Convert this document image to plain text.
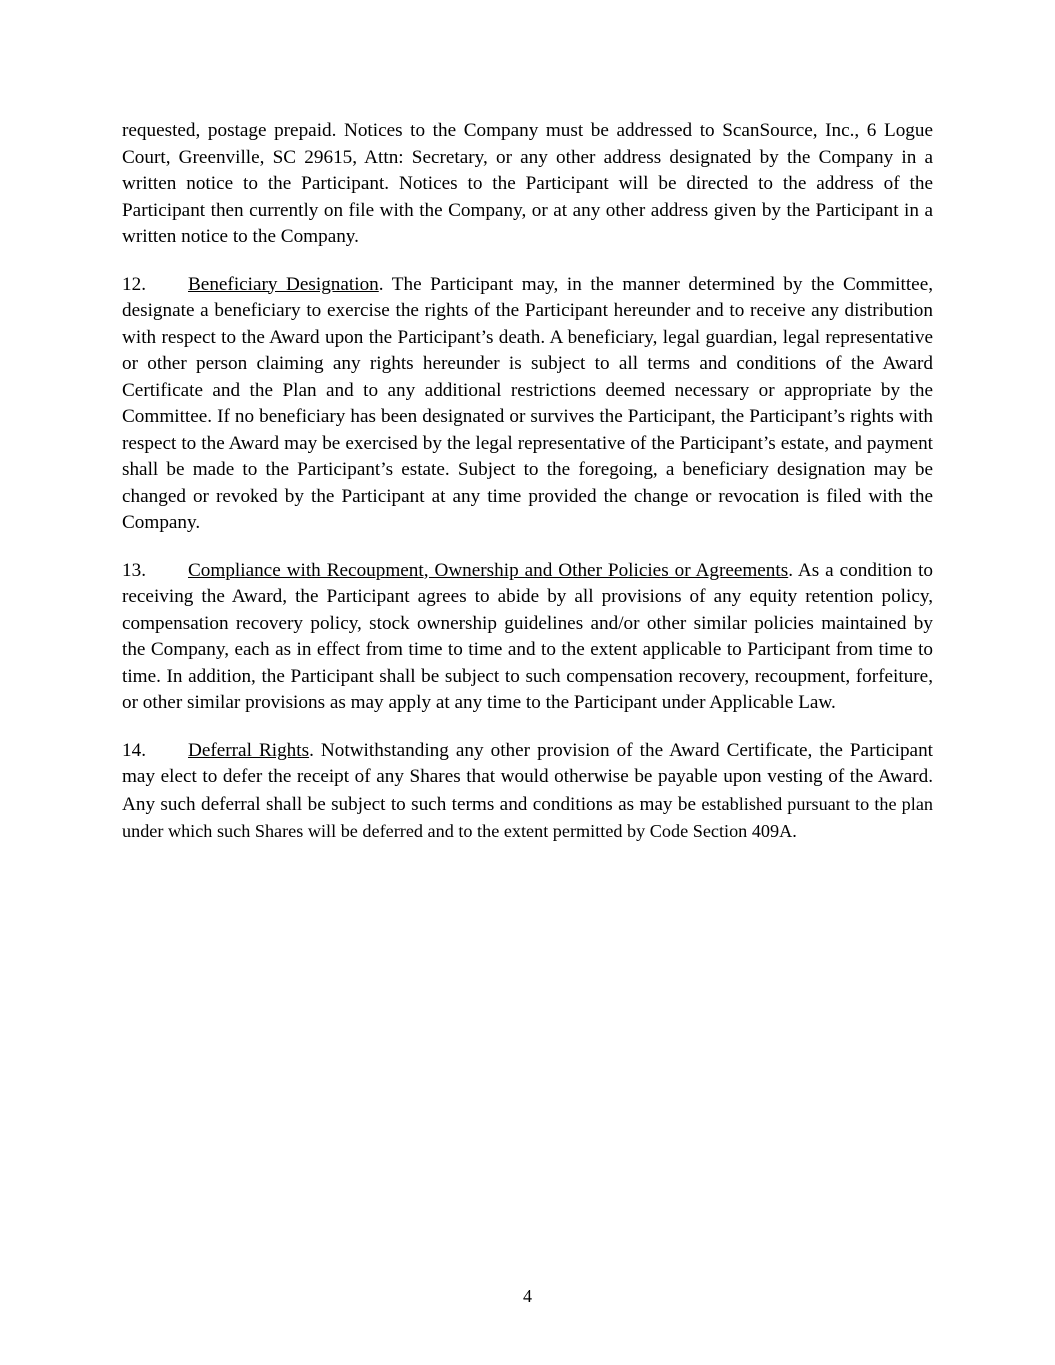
requested, postage prepaid. Notices to the Company must be addressed to ScanSource, Inc., 6 Logue Court, Greenville, SC 29615, Attn: Secretary, or any other address designated by the Company in a written notice to the Participant. Notices to the Participant will be directed to the address of the Participant then currently on file with the Company, or at any other address given by the Participant in a written notice to the Company.

12. Beneficiary Designation. The Participant may, in the manner determined by the Committee, designate a beneficiary to exercise the rights of the Participant hereunder and to receive any distribution with respect to the Award upon the Participant’s death. A beneficiary, legal guardian, legal representative or other person claiming any rights hereunder is subject to all terms and conditions of the Award Certificate and the Plan and to any additional restrictions deemed necessary or appropriate by the Committee. If no beneficiary has been designated or survives the Participant, the Participant’s rights with respect to the Award may be exercised by the legal representative of the Participant’s estate, and payment shall be made to the Participant’s estate. Subject to the foregoing, a beneficiary designation may be changed or revoked by the Participant at any time provided the change or revocation is filed with the Company.

13. Compliance with Recoupment, Ownership and Other Policies or Agreements. As a condition to receiving the Award, the Participant agrees to abide by all provisions of any equity retention policy, compensation recovery policy, stock ownership guidelines and/or other similar policies maintained by the Company, each as in effect from time to time and to the extent applicable to Participant from time to time. In addition, the Participant shall be subject to such compensation recovery, recoupment, forfeiture, or other similar provisions as may apply at any time to the Participant under Applicable Law.

14. Deferral Rights. Notwithstanding any other provision of the Award Certificate, the Participant may elect to defer the receipt of any Shares that would otherwise be payable upon vesting of the Award. Any such deferral shall be subject to such terms and conditions as may be established pursuant to the plan under which such Shares will be deferred and to the extent permitted by Code Section 409A.

4
